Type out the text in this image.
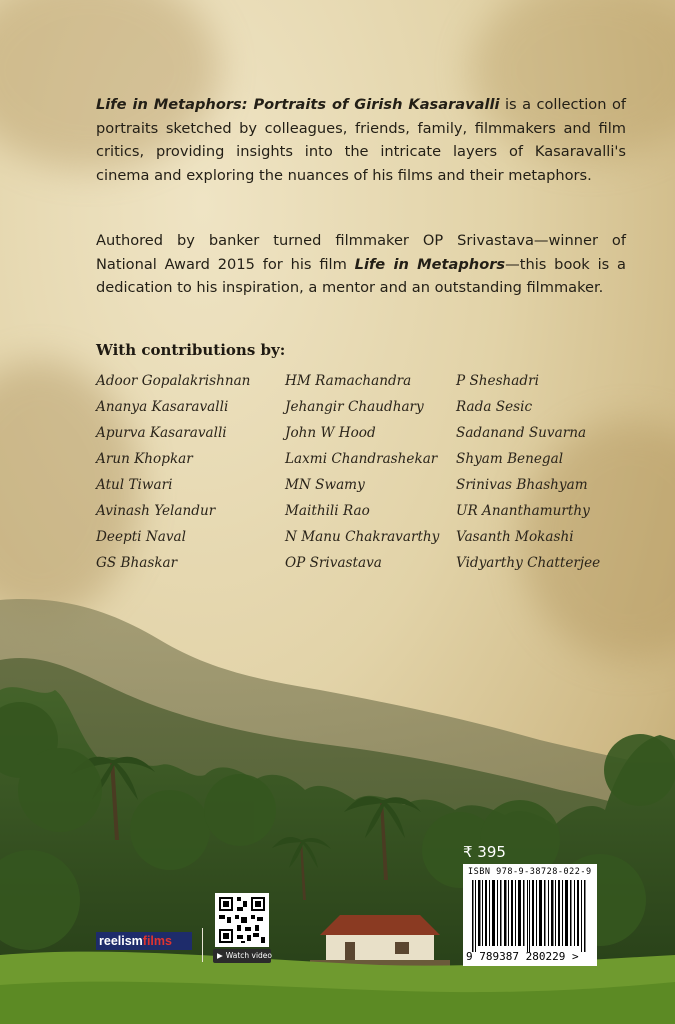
Life in Metaphors: Portraits of Girish Kasaravalli is a collection of portraits sketched by colleagues, friends, family, filmmakers and film critics, providing insights into the intricate layers of Kasaravalli's cinema and exploring the nuances of his films and their metaphors.

Authored by banker turned filmmaker OP Srivastava—winner of National Award 2015 for his film Life in Metaphors—this book is a dedication to his inspiration, a mentor and an outstanding filmmaker.

With contributions by:

Adoor Gopalakrishnan
Ananya Kasaravalli
Apurva Kasaravalli
Arun Khopkar
Atul Tiwari
Avinash Yelandur
Deepti Naval
GS Bhaskar
HM Ramachandra
Jehangir Chaudhary
John W Hood
Laxmi Chandrashekar
MN Swamy
Maithili Rao
N Manu Chakravarthy
OP Srivastava
P Sheshadri
Rada Sesic
Sadanand Suvarna
Shyam Benegal
Srinivas Bhashyam
UR Ananthamurthy
Vasanth Mokashi
Vidyarthy Chatterjee

₹ 395

ISBN 978-9-38728-022-9
9 789387 280229 >
reelismfilms
▶ Watch video
